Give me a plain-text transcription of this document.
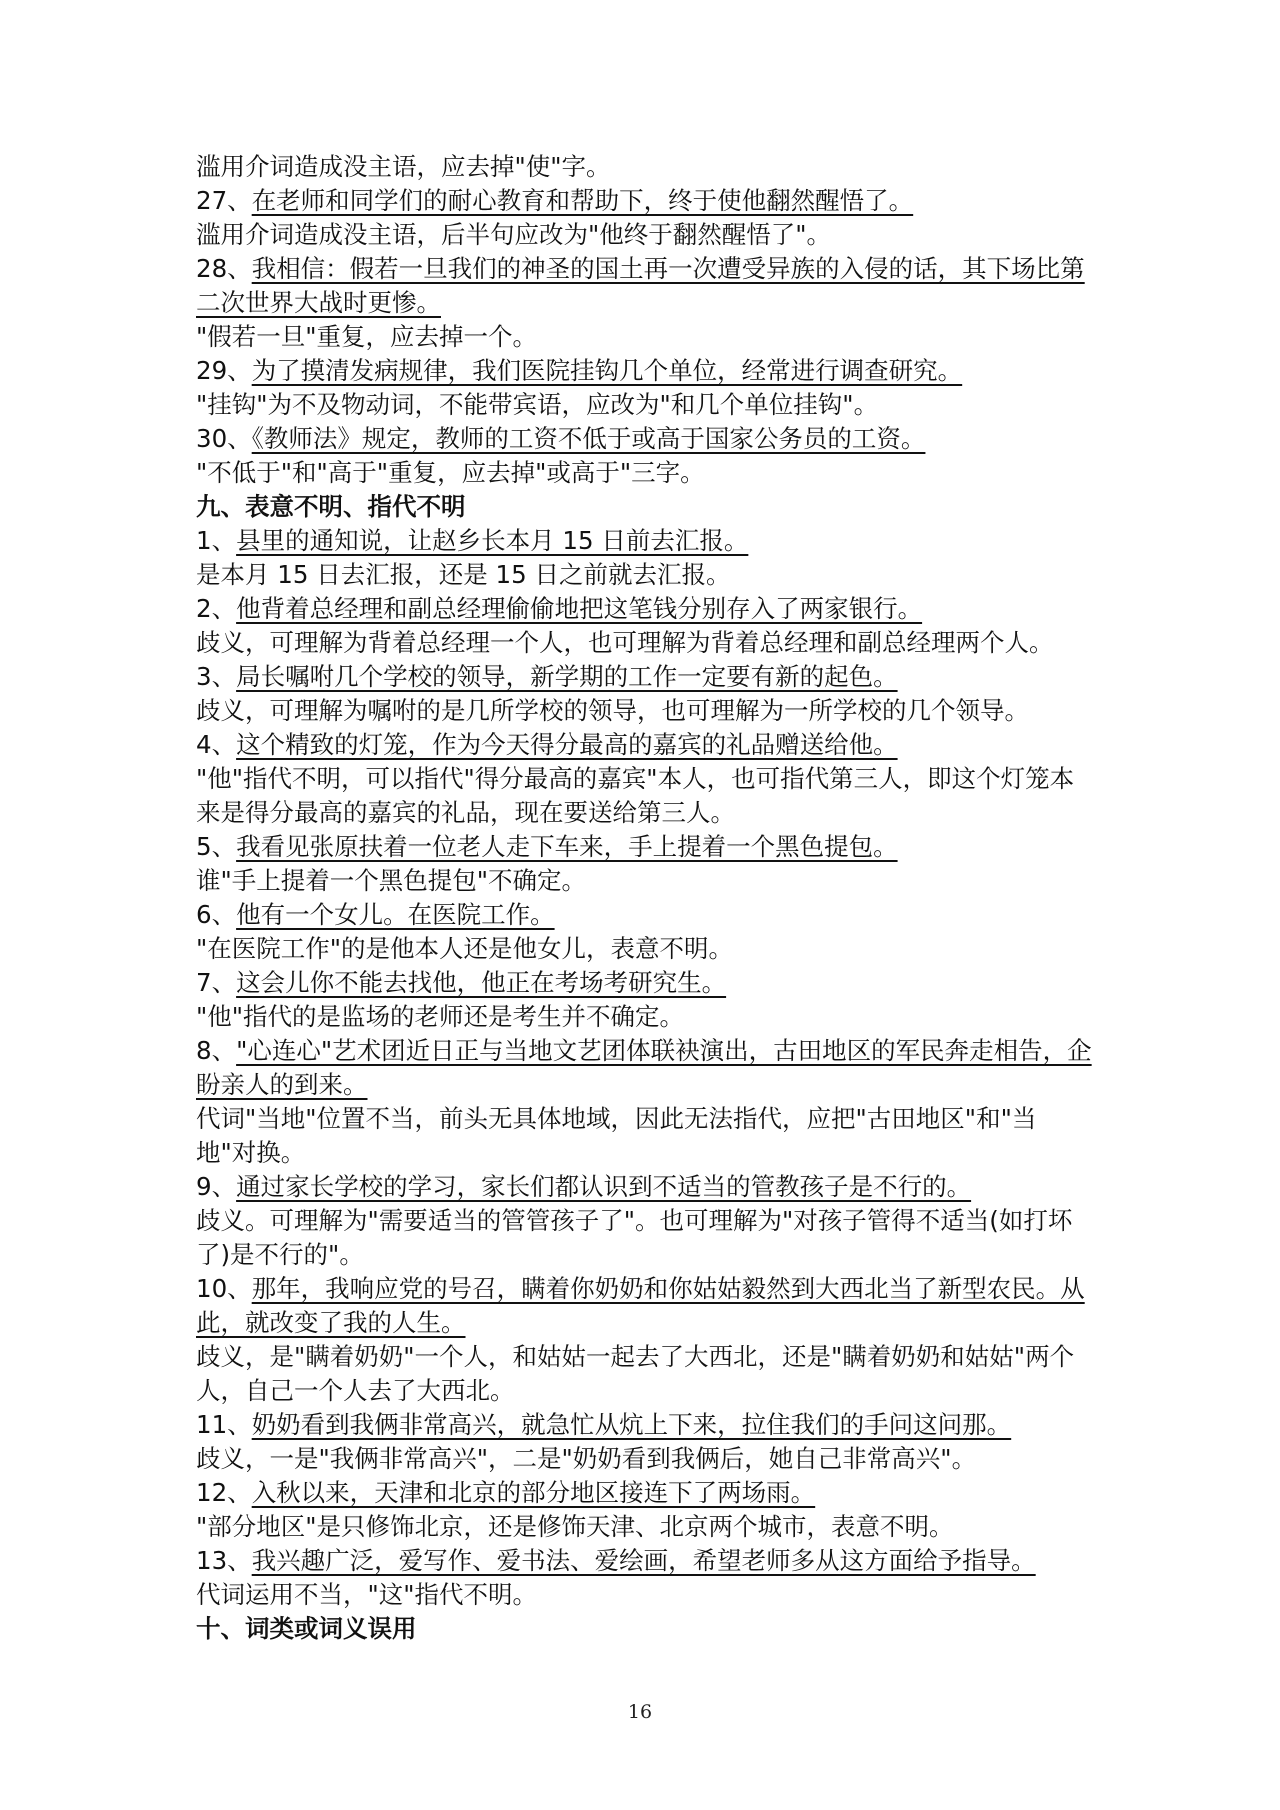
滥用介词造成没主语，应去掉"使"字。
27、在老师和同学们的耐心教育和帮助下，终于使他翻然醒悟了。
滥用介词造成没主语，后半句应改为"他终于翻然醒悟了"。
28、我相信：假若一旦我们的神圣的国土再一次遭受异族的入侵的话，其下场比第二次世界大战时更惨。
"假若一旦"重复，应去掉一个。
29、为了摸清发病规律，我们医院挂钩几个单位，经常进行调查研究。
"挂钩"为不及物动词，不能带宾语，应改为"和几个单位挂钩"。
30、《教师法》规定，教师的工资不低于或高于国家公务员的工资。
"不低于"和"高于"重复，应去掉"或高于"三字。
九、表意不明、指代不明
1、县里的通知说，让赵乡长本月 15 日前去汇报。
是本月 15 日去汇报，还是 15 日之前就去汇报。
2、他背着总经理和副总经理偷偷地把这笔钱分别存入了两家银行。
歧义，可理解为背着总经理一个人，也可理解为背着总经理和副总经理两个人。
3、局长嘱咐几个学校的领导，新学期的工作一定要有新的起色。
歧义，可理解为嘱咐的是几所学校的领导，也可理解为一所学校的几个领导。
4、这个精致的灯笼，作为今天得分最高的嘉宾的礼品赠送给他。
"他"指代不明，可以指代"得分最高的嘉宾"本人，也可指代第三人，即这个灯笼本来是得分最高的嘉宾的礼品，现在要送给第三人。
5、我看见张原扶着一位老人走下车来，手上提着一个黑色提包。
谁"手上提着一个黑色提包"不确定。
6、他有一个女儿。在医院工作。
"在医院工作"的是他本人还是他女儿，表意不明。
7、这会儿你不能去找他，他正在考场考研究生。
"他"指代的是监场的老师还是考生并不确定。
8、"心连心"艺术团近日正与当地文艺团体联袂演出，古田地区的军民奔走相告，企盼亲人的到来。
代词"当地"位置不当，前头无具体地域，因此无法指代，应把"古田地区"和"当地"对换。
9、通过家长学校的学习，家长们都认识到不适当的管教孩子是不行的。
歧义。可理解为"需要适当的管管孩子了"。也可理解为"对孩子管得不适当(如打坏了)是不行的"。
10、那年，我响应党的号召，瞒着你奶奶和你姑姑毅然到大西北当了新型农民。从此，就改变了我的人生。
歧义，是"瞒着奶奶"一个人，和姑姑一起去了大西北，还是"瞒着奶奶和姑姑"两个人，自己一个人去了大西北。
11、奶奶看到我俩非常高兴，就急忙从炕上下来，拉住我们的手问这问那。
歧义，一是"我俩非常高兴"，二是"奶奶看到我俩后，她自己非常高兴"。
12、入秋以来，天津和北京的部分地区接连下了两场雨。
"部分地区"是只修饰北京，还是修饰天津、北京两个城市，表意不明。
13、我兴趣广泛，爱写作、爱书法、爱绘画，希望老师多从这方面给予指导。
代词运用不当，"这"指代不明。
十、词类或词义误用
16
